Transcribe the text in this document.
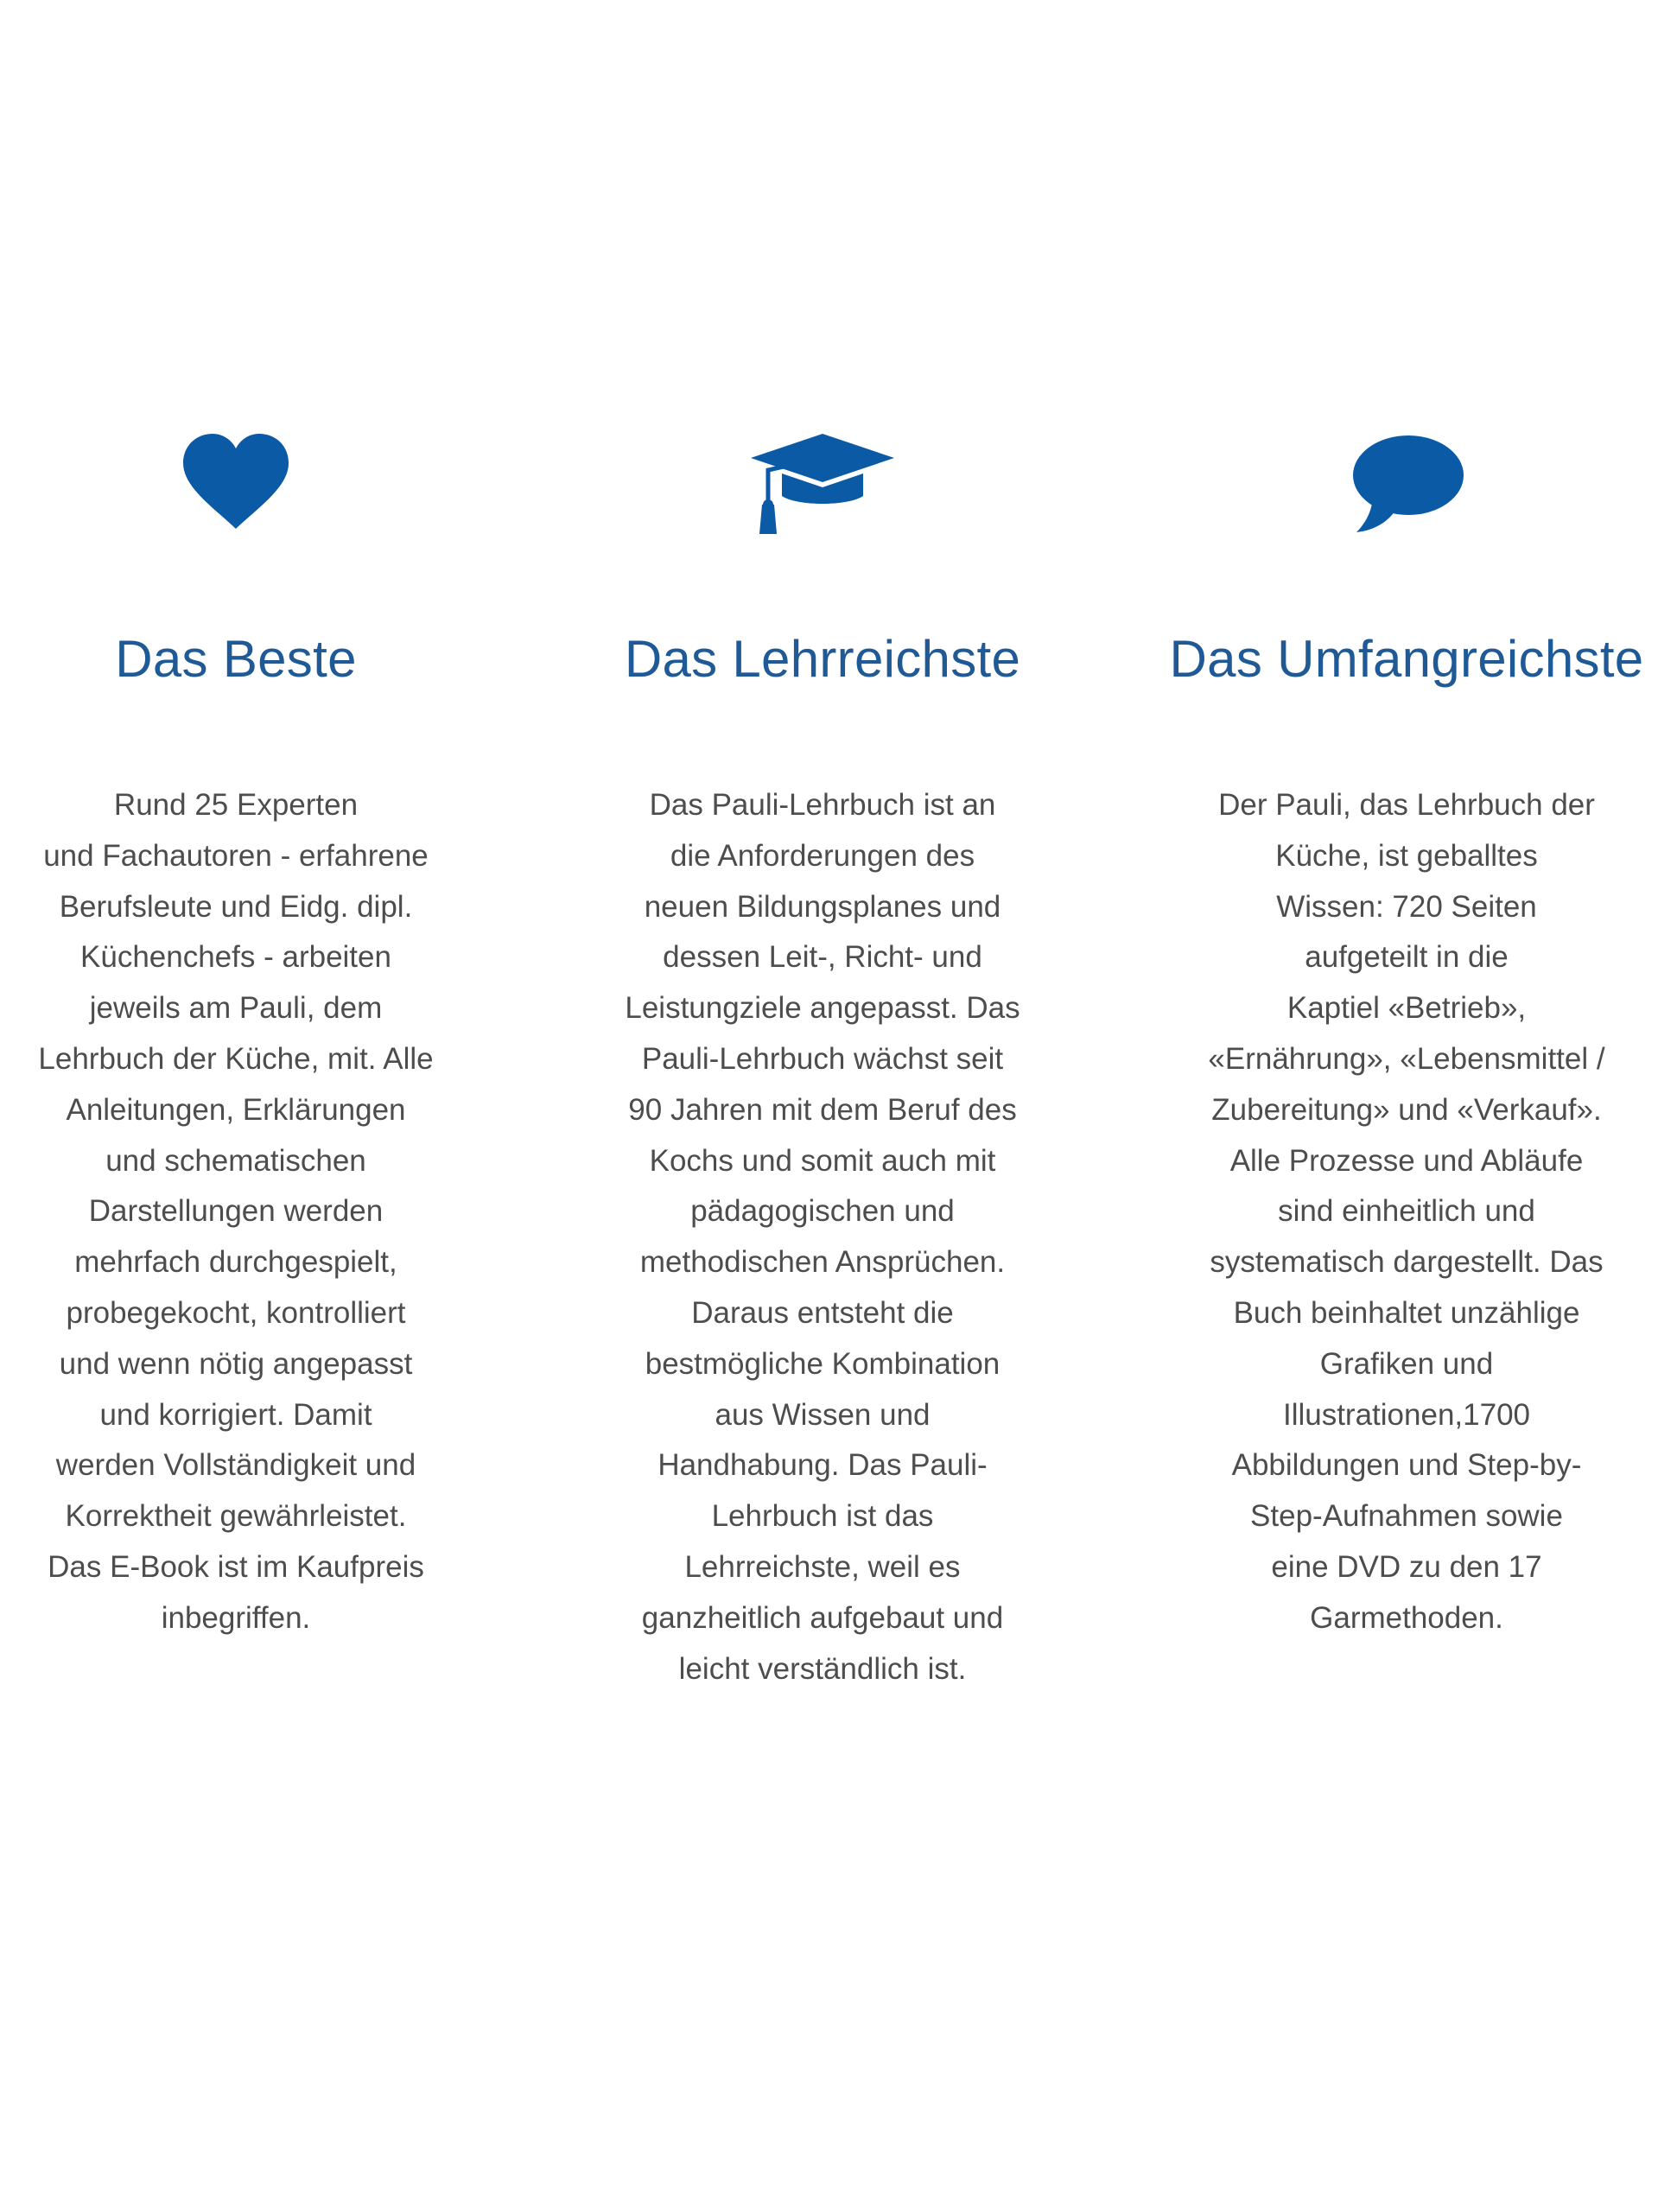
Das Beste

Rund 25 Experten
und Fachautoren - erfahrene
Berufsleute und Eidg. dipl.
Küchenchefs - arbeiten
jeweils am Pauli, dem
Lehrbuch der Küche, mit. Alle
Anleitungen, Erklärungen
und schematischen
Darstellungen werden
mehrfach durchgespielt,
probegekocht, kontrolliert
und wenn nötig angepasst
und korrigiert. Damit
werden Vollständigkeit und
Korrektheit gewährleistet.
Das E-Book ist im Kaufpreis
inbegriffen.

Das Lehrreichste

Das Pauli-Lehrbuch ist an
die Anforderungen des
neuen Bildungsplanes und
dessen Leit-, Richt- und
Leistungziele angepasst. Das
Pauli-Lehrbuch wächst seit
90 Jahren mit dem Beruf des
Kochs und somit auch mit
pädagogischen und
methodischen Ansprüchen.
Daraus entsteht die
bestmögliche Kombination
aus Wissen und
Handhabung. Das Pauli-
Lehrbuch ist das
Lehrreichste, weil es
ganzheitlich aufgebaut und
leicht verständlich ist.

Das Umfangreichste

Der Pauli, das Lehrbuch der
Küche, ist geballtes
Wissen: 720 Seiten
aufgeteilt in die
Kaptiel «Betrieb»,
«Ernährung», «Lebensmittel /
Zubereitung» und «Verkauf».
Alle Prozesse und Abläufe
sind einheitlich und
systematisch dargestellt. Das
Buch beinhaltet unzählige
Grafiken und
Illustrationen,1700
Abbildungen und Step-by-
Step-Aufnahmen sowie
eine DVD zu den 17
Garmethoden.
